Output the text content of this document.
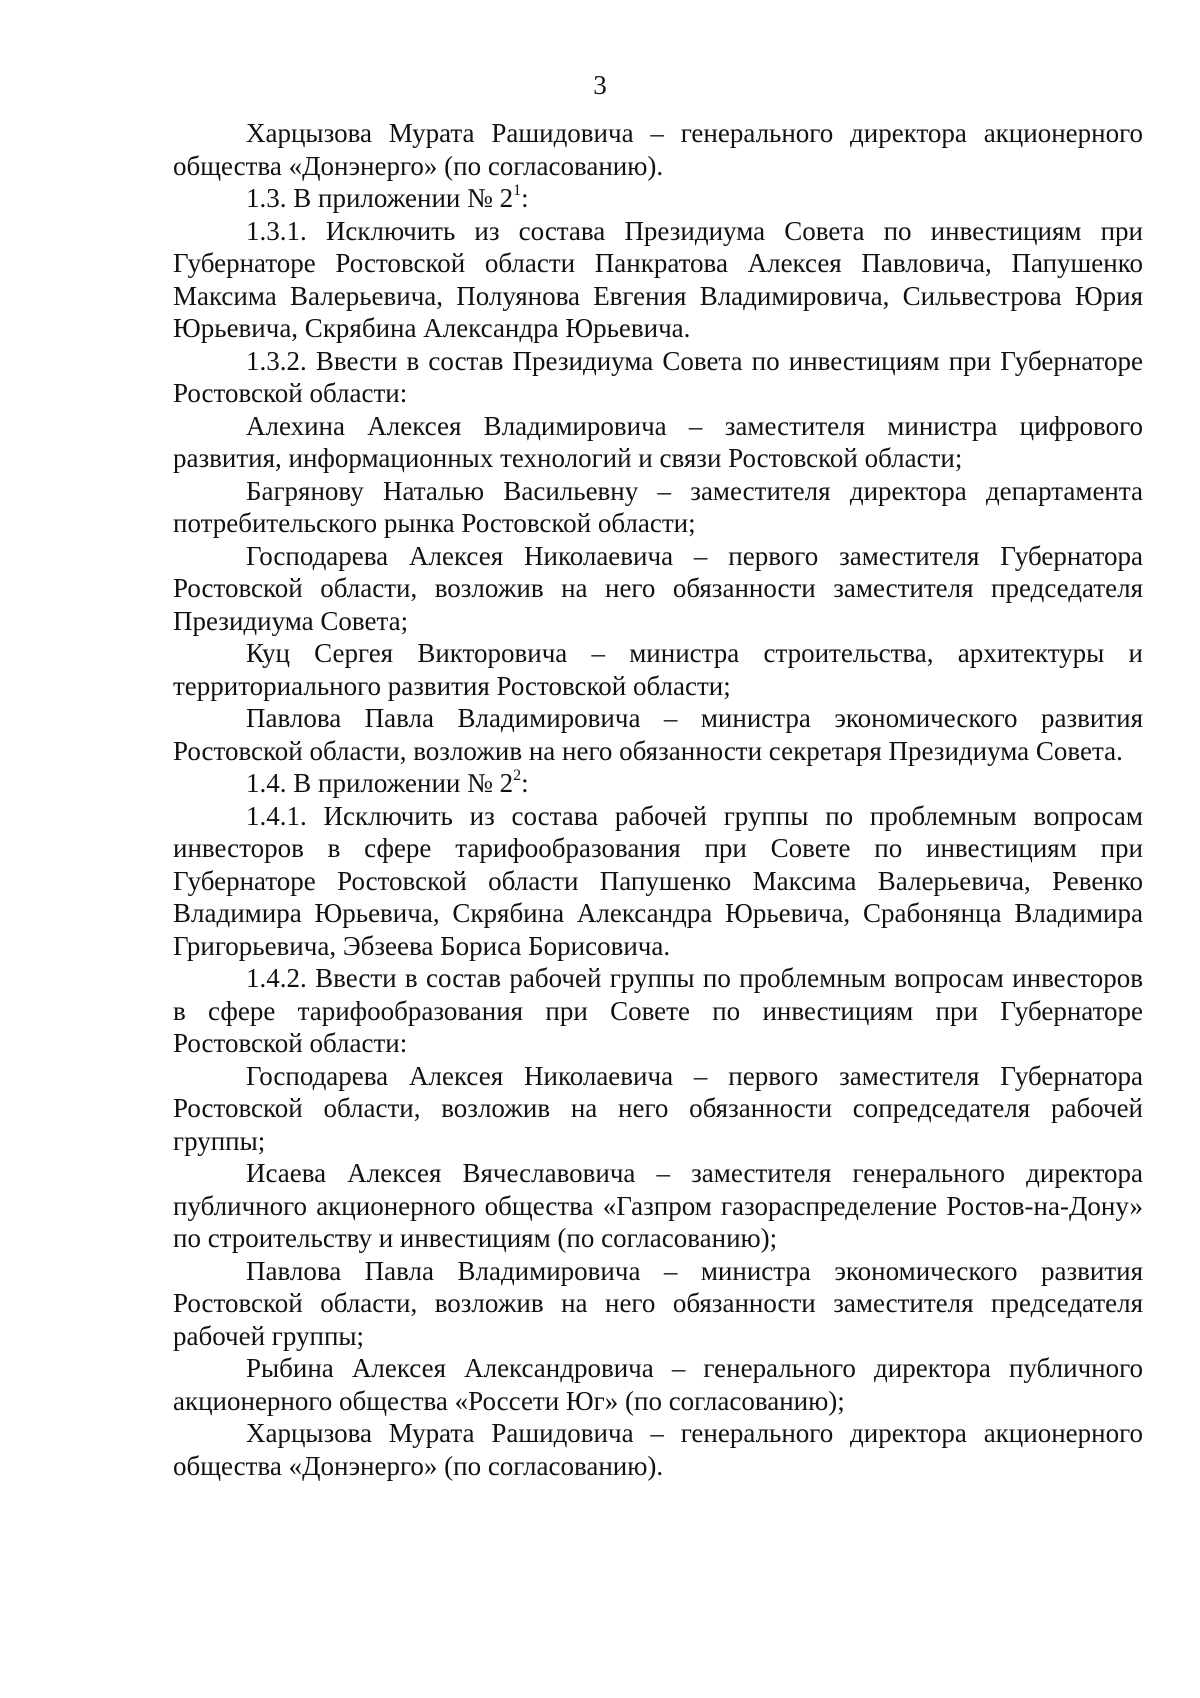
3

Харцызова Мурата Рашидовича – генерального директора акционерного общества «Донэнерго» (по согласованию).

1.3. В приложении № $2^1$:

1.3.1. Исключить из состава Президиума Совета по инвестициям при Губернаторе Ростовской области Панкратова Алексея Павловича, Папушенко Максима Валерьевича, Полуянова Евгения Владимировича, Сильвестрова Юрия Юрьевича, Скрябина Александра Юрьевича.

1.3.2. Ввести в состав Президиума Совета по инвестициям при Губернаторе Ростовской области:

Алехина Алексея Владимировича – заместителя министра цифрового развития, информационных технологий и связи Ростовской области;

Багрянову Наталью Васильевну – заместителя директора департамента потребительского рынка Ростовской области;

Господарева Алексея Николаевича – первого заместителя Губернатора Ростовской области, возложив на него обязанности заместителя председателя Президиума Совета;

Куц Сергея Викторовича – министра строительства, архитектуры и территориального развития Ростовской области;

Павлова Павла Владимировича – министра экономического развития Ростовской области, возложив на него обязанности секретаря Президиума Совета.

1.4. В приложении № $2^2$:

1.4.1. Исключить из состава рабочей группы по проблемным вопросам инвесторов в сфере тарифообразования при Совете по инвестициям при Губернаторе Ростовской области Папушенко Максима Валерьевича, Ревенко Владимира Юрьевича, Скрябина Александра Юрьевича, Срабонянца Владимира Григорьевича, Эбзеева Бориса Борисовича.

1.4.2. Ввести в состав рабочей группы по проблемным вопросам инвесторов в сфере тарифообразования при Совете по инвестициям при Губернаторе Ростовской области:

Господарева Алексея Николаевича – первого заместителя Губернатора Ростовской области, возложив на него обязанности сопредседателя рабочей группы;

Исаева Алексея Вячеславовича – заместителя генерального директора публичного акционерного общества «Газпром газораспределение Ростов-на-Дону» по строительству и инвестициям (по согласованию);

Павлова Павла Владимировича – министра экономического развития Ростовской области, возложив на него обязанности заместителя председателя рабочей группы;

Рыбина Алексея Александровича – генерального директора публичного акционерного общества «Россети Юг» (по согласованию);

Харцызова Мурата Рашидовича – генерального директора акционерного общества «Донэнерго» (по согласованию).
